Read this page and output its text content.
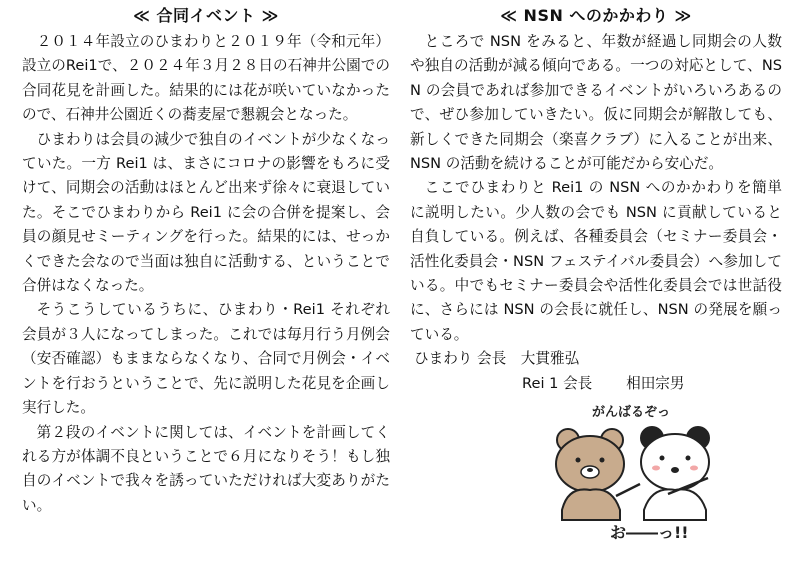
≪ 合同イベント ≫

２０１４年設立のひまわりと２０１９年（令和元年）設立のRei1で、２０２４年３月２８日の石神井公園での合同花見を計画した。結果的には花が咲いていなかったので、石神井公園近くの蕎麦屋で懇親会となった。

ひまわりは会員の減少で独自のイベントが少なくなっていた。一方 Rei1 は、まさにコロナの影響をもろに受けて、同期会の活動はほとんど出来ず徐々に衰退していた。そこでひまわりから Rei1 に会の合併を提案し、会員の顔見せミーティングを行った。結果的には、せっかくできた会なので当面は独自に活動する、ということで合併はなくなった。

そうこうしているうちに、ひまわり・Rei1 それぞれ会員が３人になってしまった。これでは毎月行う月例会（安否確認）もままならなくなり、合同で月例会・イベントを行おうということで、先に説明した花見を企画し実行した。

第２段のイベントに関しては、イベントを計画してくれる方が体調不良ということで６月になりそう！もし独自のイベントで我々を誘っていただければ大変ありがたい。

≪ NSN へのかかわり ≫

ところで NSN をみると、年数が経過し同期会の人数や独自の活動が減る傾向である。一つの対応として、NSN の会員であれば参加できるイベントがいろいろあるので、ぜひ参加していきたい。仮に同期会が解散しても、新しくできた同期会（楽喜クラブ）に入ることが出来、NSN の活動を続けることが可能だから安心だ。

ここでひまわりと Rei1 の NSN へのかかわりを簡単に説明したい。少人数の会でも NSN に貢献していると自負している。例えば、各種委員会（セミナー委員会・活性化委員会・NSN フェステイバル委員会）へ参加している。中でもセミナー委員会や活性化委員会では世話役に、さらには NSN の会長に就任し、NSN の発展を願っている。

ひまわり 会長　大貫雅弘

Rei 1 会長　　 相田宗男

がんばるぞっ
お――っ!!
